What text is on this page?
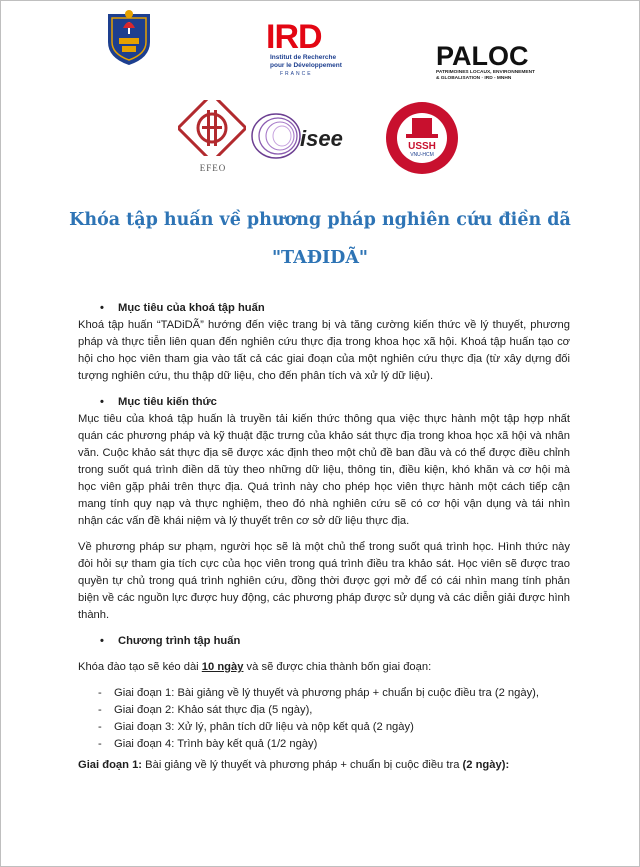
IRD
Institut de Recherche
pour le Développement
FRANCE
PALOC
PATRIMOINES LOCAUX, ENVIRONNEMENT
& GLOBALISATION · IRD - MNHN
EFEO
isee	USSH
VNU-HCM
Khóa tập huấn về phương pháp nghiên cứu điền dã
"TAĐIDÃ"

•	Mục tiêu của khoá tập huấn

Khoá tập huấn “TADiDÃ” hướng đến việc trang bị và tăng cường kiến thức về lý thuyết, phương pháp và thực tiễn liên quan đến nghiên cứu thực địa trong khoa học xã hội. Khoá tập huấn tạo cơ hội cho học viên tham gia vào tất cả các giai đoạn của một nghiên cứu thực địa (từ xây dựng đối tượng nghiên cứu, thu thập dữ liệu, cho đến phân tích và xử lý dữ liệu).

•	Mục tiêu kiến thức

Mục tiêu của khoá tập huấn là truyền tải kiến thức thông qua việc thực hành một tập hợp nhất quán các phương pháp và kỹ thuật đặc trưng của khảo sát thực địa trong khoa học xã hội và nhân văn. Cuộc khảo sát thực địa sẽ được xác định theo một chủ đề ban đầu và có thể được điều chỉnh trong suốt quá trình điền dã tùy theo những dữ liệu, thông tin, điều kiện, khó khăn và cơ hội mà học viên gặp phải trên thực địa. Quá trình này cho phép học viên thực hành một cách tiếp cận mang tính quy nạp và thực nghiệm, theo đó nhà nghiên cứu sẽ có cơ hội vận dụng và tái nhìn nhận các vấn đề khái niệm và lý thuyết trên cơ sở dữ liệu thực địa.

Về phương pháp sư phạm, người học sẽ là một chủ thể trong suốt quá trình học. Hình thức này đòi hỏi sự tham gia tích cực của học viên trong quá trình điều tra khảo sát. Học viên sẽ được trao quyền tự chủ trong quá trình nghiên cứu, đồng thời được gợi mở để có cái nhìn mang tính phản biện về các nguồn lực được huy động, các phương pháp được sử dụng và các diễn giải được hình thành.

•	Chương trình tập huấn

Khóa đào tạo sẽ kéo dài 10 ngày và sẽ được chia thành bốn giai đoạn:

-	Giai đoạn 1: Bài giảng về lý thuyết và phương pháp + chuẩn bị cuộc điều tra (2 ngày),

-	Giai đoạn 2: Khảo sát thực địa (5 ngày),

-	Giai đoạn 3: Xử lý, phân tích dữ liệu và nộp kết quả (2 ngày)

-	Giai đoạn 4: Trình bày kết quả (1/2 ngày)

Giai đoạn 1: Bài giảng về lý thuyết và phương pháp + chuẩn bị cuộc điều tra (2 ngày):
